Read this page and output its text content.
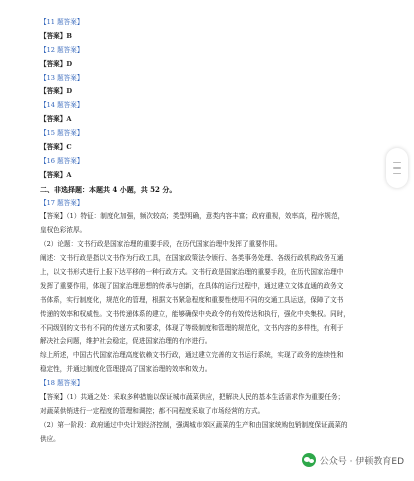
【11 题答案】
【答案】B
【12 题答案】
【答案】D
【13 题答案】
【答案】D
【14 题答案】
【答案】A
【15 题答案】
【答案】C
【16 题答案】
【答案】A
二、非选择题：本题共 4 小题，共 52 分。
【17 题答案】
【答案】（1）特征：制度化加强，频次较高；类型明确，意类内容丰富；政府重视，效率高，程序规范，
皇权色彩浓厚。
（2）论题：文书行政是国家治理的重要手段，在历代国家治理中发挥了重要作用。
阐述：文书行政是指以文书作为行政工具，在国家政策法令颁行、各类事务处理、各级行政机构政务互通
上，以文书形式进行上报下达平移的一种行政方式。文书行政是国家治理的重要手段，在历代国家治理中
发挥了重要作用，体现了国家治理思想的传承与创新，在具体的运行过程中，通过建立文体直通的政务文
书体系，实行制度化，规范化的管理，根据文书紧急程度和重要性使用不同的交通工具运送，保障了文书
传递的效率和权威性。文书传递体系的建立，能够确保中央政令的有效传达和执行，强化中央集权。同时，
不同级别的文书有不同的传递方式和要求，体现了等级制度和管理的规范化，文书内容的多样性，有利于
解决社会问题，维护社会稳定，促进国家治理的有序进行。
综上所述，中国古代国家治理高度依赖文书行政，通过建立完善的文书运行系统，实现了政务的连续性和
稳定性，并通过制度化管理提高了国家治理的效率和效力。
【18 题答案】
【答案】（1）共通之处：采取多种措施以保证城市蔬菜供应，把解决人民的基本生活需求作为重要任务；
对蔬菜供销进行一定程度的管理和调控；都不同程度采取了市场经营的方式。
（2）第一阶段：政府通过中央计划经济控制，强调城市郊区蔬菜的生产和由国家统购包销制度保证蔬菜的
供应。
公众号 · 伊顿教育ED
